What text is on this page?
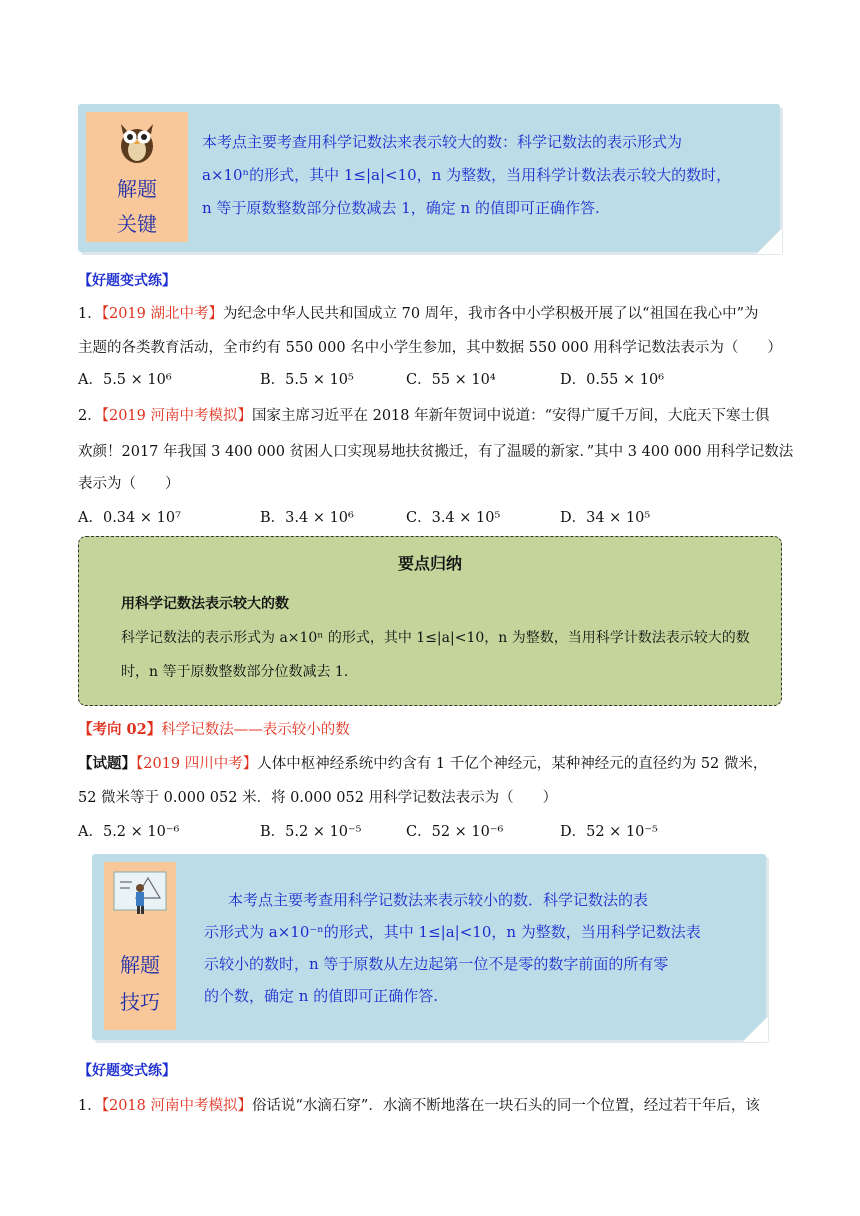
解题
关键
本考点主要考查用科学记数法来表示较大的数：科学记数法的表示形式为
a×10ⁿ的形式，其中 1≤|a|<10，n 为整数，当用科学计数法表示较大的数时，
n 等于原数整数部分位数减去 1，确定 n 的值即可正确作答.
【好题变式练】
1．【2019 湖北中考】为纪念中华人民共和国成立 70 周年，我市各中小学积极开展了以“祖国在我心中”为
主题的各类教育活动，全市约有 550 000 名中小学生参加，其中数据 550 000 用科学记数法表示为（　　）
A．5.5 × 10⁶	B．5.5 × 10⁵	C．55 × 10⁴	D．0.55 × 10⁶
2．【2019 河南中考模拟】国家主席习近平在 2018 年新年贺词中说道：“安得广厦千万间，大庇天下寒士俱
欢颜！2017 年我国 3 400 000 贫困人口实现易地扶贫搬迁，有了温暖的新家．”其中 3 400 000 用科学记数法
表示为（　　）
A．0.34 × 10⁷	B．3.4 × 10⁶	C．3.4 × 10⁵	D．34 × 10⁵
要点归纳
用科学记数法表示较大的数
科学记数法的表示形式为 a×10ⁿ 的形式，其中 1≤|a|<10，n 为整数，当用科学计数法表示较大的数
时，n 等于原数整数部分位数减去 1.
【考向 02】科学记数法——表示较小的数
【试题】【2019 四川中考】人体中枢神经系统中约含有 1 千亿个神经元，某种神经元的直径约为 52 微米，
52 微米等于 0.000 052 米．将 0.000 052 用科学记数法表示为（　　）
A．5.2 × 10⁻⁶	B．5.2 × 10⁻⁵	C．52 × 10⁻⁶	D．52 × 10⁻⁵
解题
技巧
本考点主要考查用科学记数法来表示较小的数．科学记数法的表
示形式为 a×10⁻ⁿ的形式，其中 1≤|a|<10，n 为整数，当用科学记数法表
示较小的数时，n 等于原数从左边起第一位不是零的数字前面的所有零
的个数，确定 n 的值即可正确作答.
【好题变式练】
1．【2018 河南中考模拟】俗话说“水滴石穿”．水滴不断地落在一块石头的同一个位置，经过若干年后，该
